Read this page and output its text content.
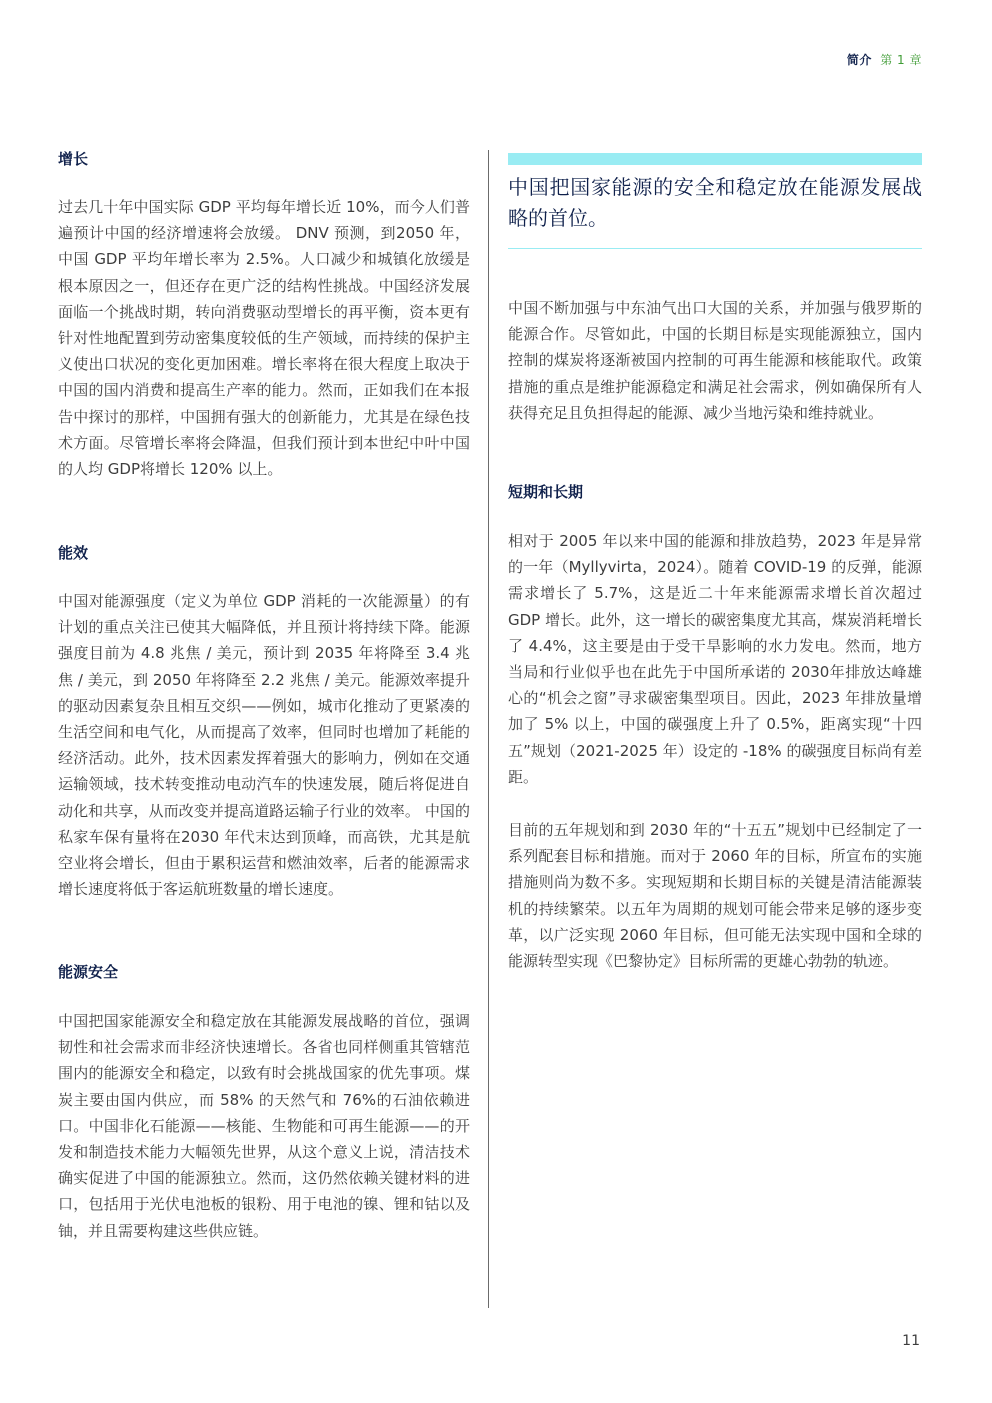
简介 第 1 章
增长

过去几十年中国实际 GDP 平均每年增长近 10%，而今人们普遍预计中国的经济增速将会放缓。 DNV 预测，到2050 年，中国 GDP 平均年增长率为 2.5%。人口减少和城镇化放缓是根本原因之一，但还存在更广泛的结构性挑战。中国经济发展面临一个挑战时期，转向消费驱动型增长的再平衡，资本更有针对性地配置到劳动密集度较低的生产领域，而持续的保护主义使出口状况的变化更加困难。增长率将在很大程度上取决于中国的国内消费和提高生产率的能力。然而，正如我们在本报告中探讨的那样，中国拥有强大的创新能力，尤其是在绿色技术方面。尽管增长率将会降温，但我们预计到本世纪中叶中国的人均 GDP将增长 120% 以上。

能效

中国对能源强度（定义为单位 GDP 消耗的一次能源量）的有计划的重点关注已使其大幅降低，并且预计将持续下降。能源强度目前为 4.8 兆焦 / 美元，预计到 2035 年将降至 3.4 兆焦 / 美元，到 2050 年将降至 2.2 兆焦 / 美元。能源效率提升的驱动因素复杂且相互交织——例如，城市化推动了更紧凑的生活空间和电气化，从而提高了效率，但同时也增加了耗能的经济活动。此外，技术因素发挥着强大的影响力，例如在交通运输领域，技术转变推动电动汽车的快速发展，随后将促进自动化和共享，从而改变并提高道路运输子行业的效率。 中国的私家车保有量将在2030 年代末达到顶峰，而高铁，尤其是航空业将会增长，但由于累积运营和燃油效率，后者的能源需求增长速度将低于客运航班数量的增长速度。

能源安全

中国把国家能源安全和稳定放在其能源发展战略的首位，强调韧性和社会需求而非经济快速增长。各省也同样侧重其管辖范围内的能源安全和稳定，以致有时会挑战国家的优先事项。煤炭主要由国内供应，而 58% 的天然气和 76%的石油依赖进口。中国非化石能源——核能、生物能和可再生能源——的开发和制造技术能力大幅领先世界，从这个意义上说，清洁技术确实促进了中国的能源独立。然而，这仍然依赖关键材料的进口，包括用于光伏电池板的银粉、用于电池的镍、锂和钴以及铀，并且需要构建这些供应链。

中国把国家能源的安全和稳定放在能源发展战略的首位。

中国不断加强与中东油气出口大国的关系，并加强与俄罗斯的能源合作。尽管如此，中国的长期目标是实现能源独立，国内控制的煤炭将逐渐被国内控制的可再生能源和核能取代。政策措施的重点是维护能源稳定和满足社会需求，例如确保所有人获得充足且负担得起的能源、减少当地污染和维持就业。

短期和长期

相对于 2005 年以来中国的能源和排放趋势，2023 年是异常的一年（Myllyvirta，2024）。随着 COVID-19 的反弹，能源需求增长了 5.7%，这是近二十年来能源需求增长首次超过 GDP 增长。此外，这一增长的碳密集度尤其高，煤炭消耗增长了 4.4%，这主要是由于受干旱影响的水力发电。然而，地方当局和行业似乎也在此先于中国所承诺的 2030年排放达峰雄心的“机会之窗”寻求碳密集型项目。因此，2023 年排放量增加了 5% 以上，中国的碳强度上升了 0.5%，距离实现“十四五”规划（2021-2025 年）设定的 -18% 的碳强度目标尚有差距。

目前的五年规划和到 2030 年的“十五五”规划中已经制定了一系列配套目标和措施。而对于 2060 年的目标，所宣布的实施措施则尚为数不多。实现短期和长期目标的关键是清洁能源装机的持续繁荣。以五年为周期的规划可能会带来足够的逐步变革，以广泛实现 2060 年目标，但可能无法实现中国和全球的能源转型实现《巴黎协定》目标所需的更雄心勃勃的轨迹。

11
